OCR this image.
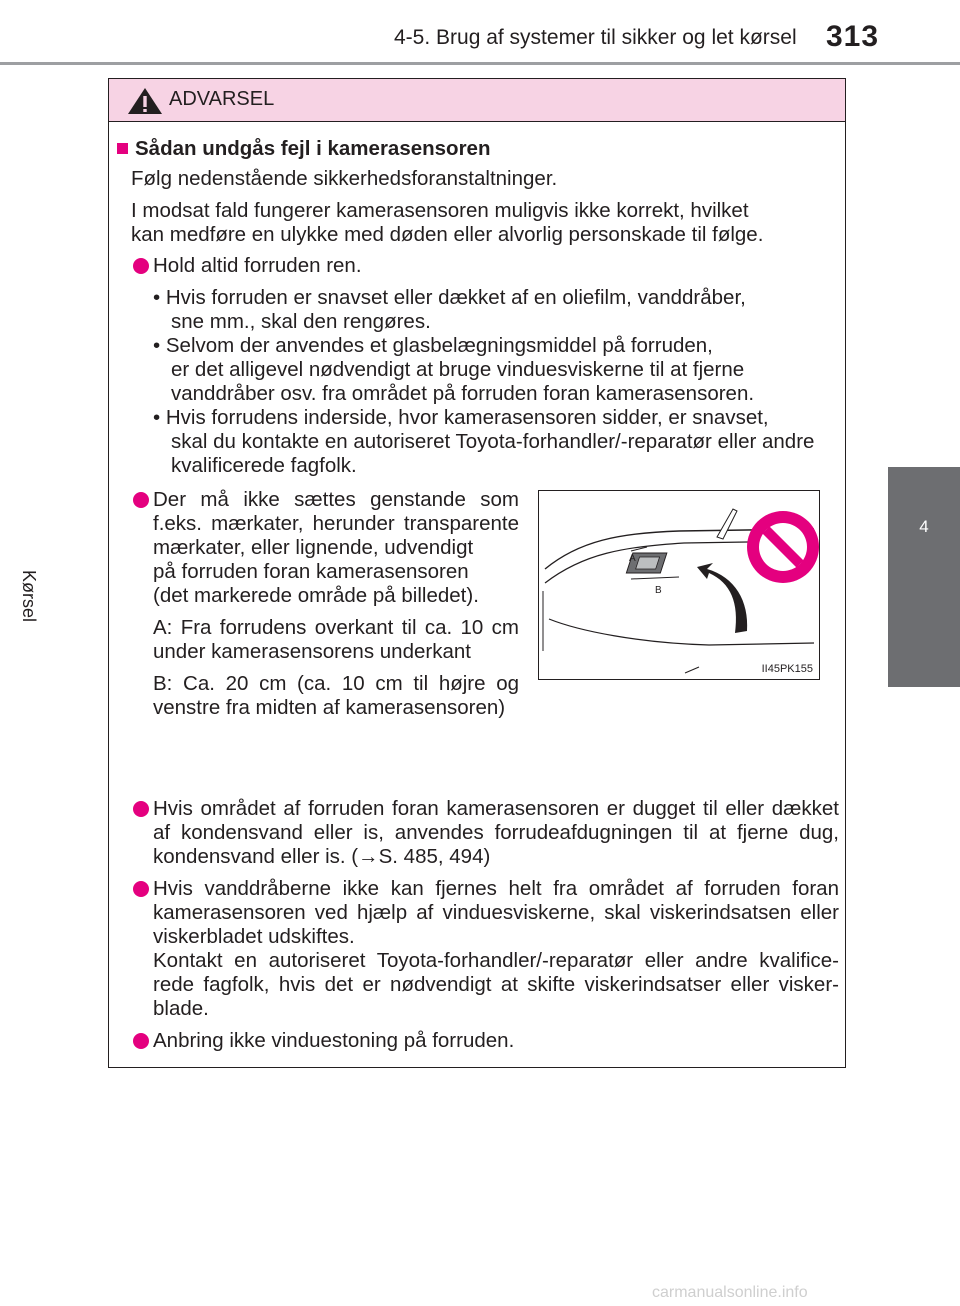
4-5. Brug af systemer til sikker og let kørsel 313
4
Kørsel
ADVARSEL
Sådan undgås fejl i kamerasensoren
Følg nedenstående sikkerhedsforanstaltninger.
I modsat fald fungerer kamerasensoren muligvis ikke korrekt, hvilket
kan medføre en ulykke med døden eller alvorlig personskade til følge.
Hold altid forruden ren.
• Hvis forruden er snavset eller dækket af en oliefilm, vanddråber,
sne mm., skal den rengøres.
• Selvom der anvendes et glasbelægningsmiddel på forruden,
er det alligevel nødvendigt at bruge vinduesviskerne til at fjerne
vanddråber osv. fra området på forruden foran kamerasensoren.
• Hvis forrudens inderside, hvor kamerasensoren sidder, er snavset,
skal du kontakte en autoriseret Toyota-forhandler/-reparatør eller andre
kvalificerede fagfolk.
Der må ikke sættes genstande som
f.eks. mærkater, herunder transparente
mærkater, eller lignende, udvendigt
på forruden foran kamerasensoren
(det markerede område på billedet).
A: Fra forrudens overkant til ca. 10 cm
under kamerasensorens underkant
B: Ca. 20 cm (ca. 10 cm til højre og
venstre fra midten af kamerasensoren)
Hvis området af forruden foran kamerasensoren er dugget til eller dækket
af kondensvand eller is, anvendes forrudeafdugningen til at fjerne dug,
kondensvand eller is. (→S. 485, 494)
Hvis vanddråberne ikke kan fjernes helt fra området af forruden foran
kamerasensoren ved hjælp af vinduesviskerne, skal viskerindsatsen eller
viskerbladet udskiftes.
Kontakt en autoriseret Toyota-forhandler/-reparatør eller andre kvalifice-
rede fagfolk, hvis det er nødvendigt at skifte viskerindsatser eller visker-
blade.
Anbring ikke vinduestoning på forruden.
A
B
II45PK155
carmanualsonline.info
